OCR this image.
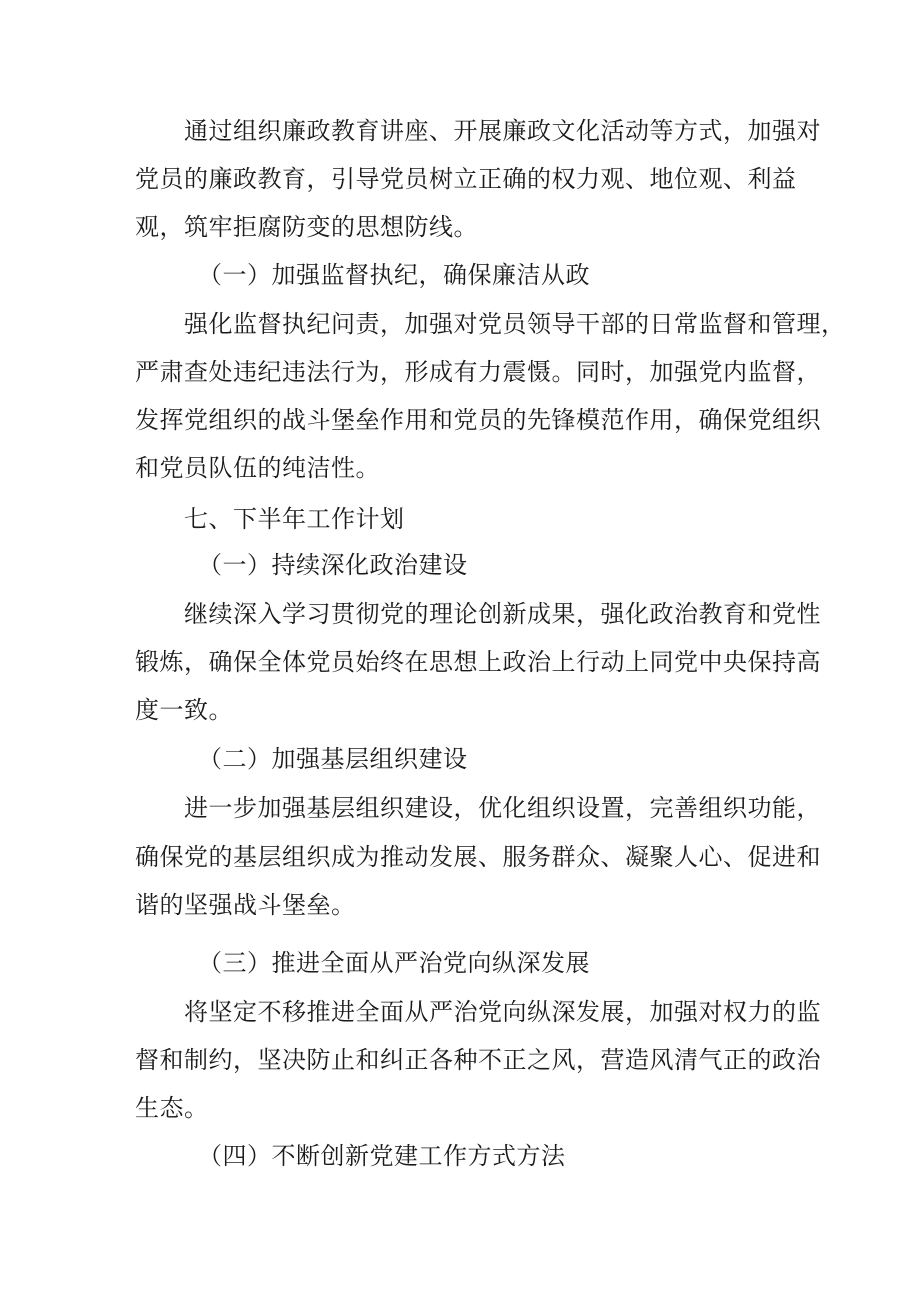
通过组织廉政教育讲座、开展廉政文化活动等方式，加强对
党员的廉政教育，引导党员树立正确的权力观、地位观、利益
观，筑牢拒腐防变的思想防线。
（一）加强监督执纪，确保廉洁从政
强化监督执纪问责，加强对党员领导干部的日常监督和管理，
严肃查处违纪违法行为，形成有力震慑。同时，加强党内监督，
发挥党组织的战斗堡垒作用和党员的先锋模范作用，确保党组织
和党员队伍的纯洁性。
七、下半年工作计划
（一）持续深化政治建设
继续深入学习贯彻党的理论创新成果，强化政治教育和党性
锻炼，确保全体党员始终在思想上政治上行动上同党中央保持高
度一致。
（二）加强基层组织建设
进一步加强基层组织建设，优化组织设置，完善组织功能，
确保党的基层组织成为推动发展、服务群众、凝聚人心、促进和
谐的坚强战斗堡垒。
（三）推进全面从严治党向纵深发展
将坚定不移推进全面从严治党向纵深发展，加强对权力的监
督和制约，坚决防止和纠正各种不正之风，营造风清气正的政治
生态。
（四）不断创新党建工作方式方法
